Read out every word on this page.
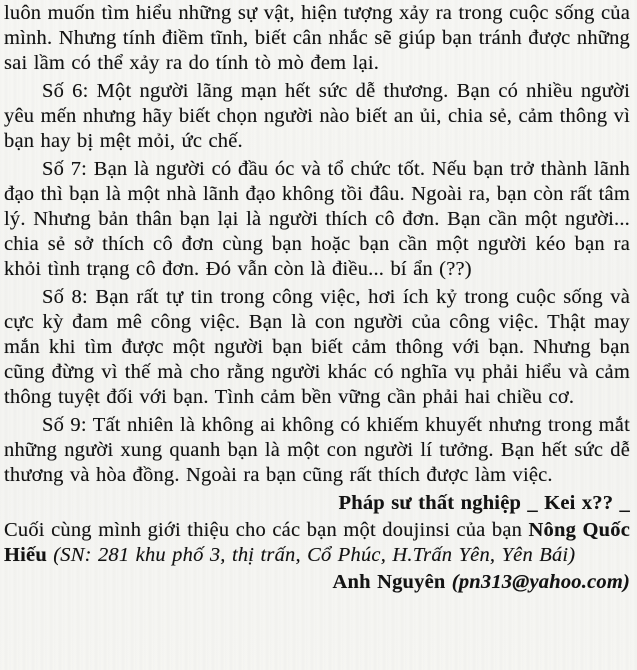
luôn muốn tìm hiểu những sự vật, hiện tượng xảy ra trong cuộc sống của mình. Nhưng tính điềm tĩnh, biết cân nhắc sẽ giúp bạn tránh được những sai lầm có thể xảy ra do tính tò mò đem lại.

Số 6: Một người lãng mạn hết sức dễ thương. Bạn có nhiều người yêu mến nhưng hãy biết chọn người nào biết an ủi, chia sẻ, cảm thông vì bạn hay bị mệt mỏi, ức chế.

Số 7: Bạn là người có đầu óc và tổ chức tốt. Nếu bạn trở thành lãnh đạo thì bạn là một nhà lãnh đạo không tồi đâu. Ngoài ra, bạn còn rất tâm lý. Nhưng bản thân bạn lại là người thích cô đơn. Bạn cần một người... chia sẻ sở thích cô đơn cùng bạn hoặc bạn cần một người kéo bạn ra khỏi tình trạng cô đơn. Đó vẫn còn là điều... bí ẩn (??)

Số 8: Bạn rất tự tin trong công việc, hơi ích kỷ trong cuộc sống và cực kỳ đam mê công việc. Bạn là con người của công việc. Thật may mắn khi tìm được một người bạn biết cảm thông với bạn. Nhưng bạn cũng đừng vì thế mà cho rằng người khác có nghĩa vụ phải hiểu và cảm thông tuyệt đối với bạn. Tình cảm bền vững cần phải hai chiều cơ.

Số 9: Tất nhiên là không ai không có khiếm khuyết nhưng trong mắt những người xung quanh bạn là một con người lí tưởng. Bạn hết sức dễ thương và hòa đồng. Ngoài ra bạn cũng rất thích được làm việc.

Pháp sư thất nghiệp _ Kei x?? _

Cuối cùng mình giới thiệu cho các bạn một doujinsi của bạn Nông Quốc Hiếu (SN: 281 khu phố 3, thị trấn, Cổ Phúc, H.Trấn Yên, Yên Bái)

Anh Nguyên (pn313@yahoo.com)
